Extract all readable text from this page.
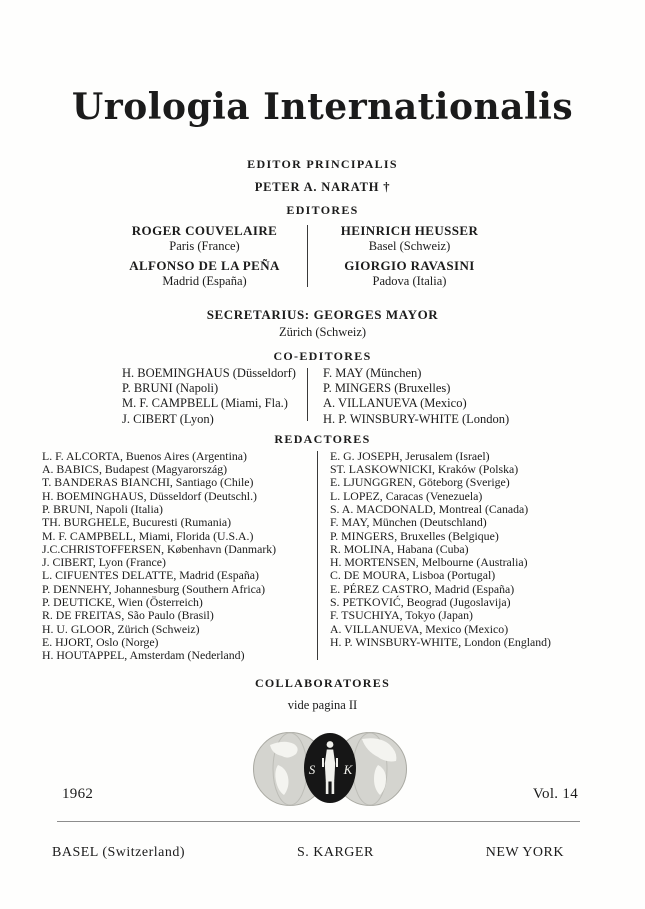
Urologia Internationalis
EDITOR PRINCIPALIS
PETER A. NARATH †
EDITORES
ROGER COUVELAIRE
Paris (France)
ALFONSO DE LA PEÑA
Madrid (España)
HEINRICH HEUSSER
Basel (Schweiz)
GIORGIO RAVASINI
Padova (Italia)
SECRETARIUS: GEORGES MAYOR
Zürich (Schweiz)
CO-EDITORES
H. BOEMINGHAUS (Düsseldorf)
P. BRUNI (Napoli)
M. F. CAMPBELL (Miami, Fla.)
J. CIBERT (Lyon)
F. MAY (München)
P. MINGERS (Bruxelles)
A. VILLANUEVA (Mexico)
H. P. WINSBURY-WHITE (London)
REDACTORES
L. F. ALCORTA, Buenos Aires (Argentina)
A. BABICS, Budapest (Magyarország)
T. BANDERAS BIANCHI, Santiago (Chile)
H. BOEMINGHAUS, Düsseldorf (Deutschl.)
P. BRUNI, Napoli (Italia)
TH. BURGHELE, Bucuresti (Rumania)
M. F. CAMPBELL, Miami, Florida (U.S.A.)
J.C.CHRISTOFFERSEN, København (Danmark)
J. CIBERT, Lyon (France)
L. CIFUENTES DELATTE, Madrid (España)
P. DENNEHY, Johannesburg (Southern Africa)
P. DEUTICKE, Wien (Österreich)
R. DE FREITAS, São Paulo (Brasil)
H. U. GLOOR, Zürich (Schweiz)
E. HJORT, Oslo (Norge)
H. HOUTAPPEL, Amsterdam (Nederland)
E. G. JOSEPH, Jerusalem (Israel)
ST. LASKOWNICKI, Kraków (Polska)
E. LJUNGGREN, Göteborg (Sverige)
L. LOPEZ, Caracas (Venezuela)
S. A. MACDONALD, Montreal (Canada)
F. MAY, München (Deutschland)
P. MINGERS, Bruxelles (Belgique)
R. MOLINA, Habana (Cuba)
H. MORTENSEN, Melbourne (Australia)
C. DE MOURA, Lisboa (Portugal)
E. PÉREZ CASTRO, Madrid (España)
S. PETKOVIĆ, Beograd (Jugoslavija)
F. TSUCHIYA, Tokyo (Japan)
A. VILLANUEVA, Mexico (Mexico)
H. P. WINSBURY-WHITE, London (England)
COLLABORATORES
vide pagina II
S K
1962	Vol. 14
BASEL (Switzerland)	S. KARGER	NEW YORK
